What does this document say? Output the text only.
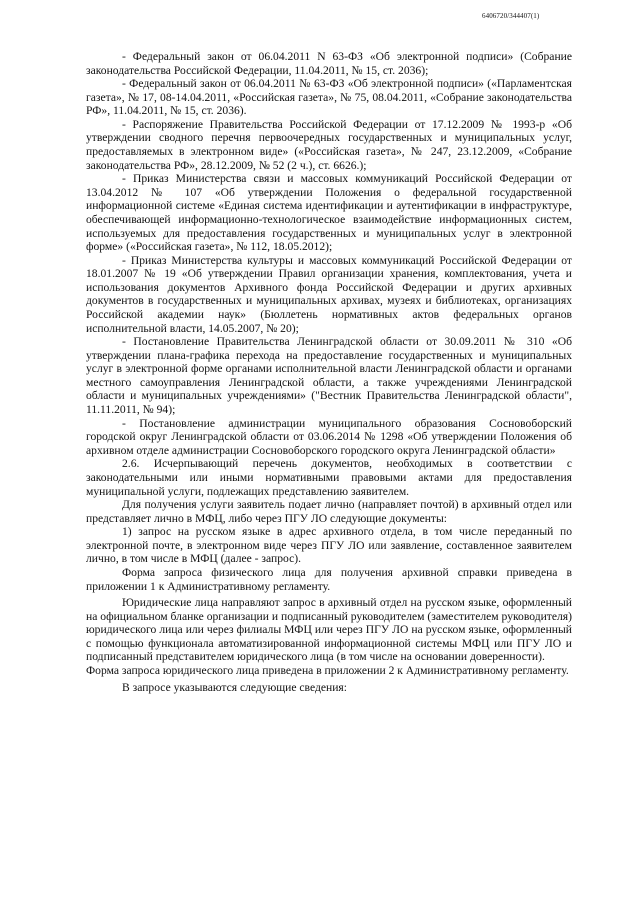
6406720/344407(1)

- Федеральный закон от 06.04.2011 N 63-ФЗ «Об электронной подписи» (Собрание законодательства Российской Федерации, 11.04.2011, № 15, ст. 2036);

- Федеральный закон от 06.04.2011 № 63-ФЗ «Об электронной подписи» («Парламентская газета», № 17, 08-14.04.2011, «Российская газета», № 75, 08.04.2011, «Собрание законодательства РФ», 11.04.2011, № 15, ст. 2036).

- Распоряжение Правительства Российской Федерации от 17.12.2009 № 1993-р «Об утверждении сводного перечня первоочередных государственных и муниципальных услуг, предоставляемых в электронном виде» («Российская газета», № 247, 23.12.2009, «Собрание законодательства РФ», 28.12.2009, № 52 (2 ч.), ст. 6626.);

- Приказ Министерства связи и массовых коммуникаций Российской Федерации от 13.04.2012 № 107 «Об утверждении Положения о федеральной государственной информационной системе «Единая система идентификации и аутентификации в инфраструктуре, обеспечивающей информационно-технологическое взаимодействие информационных систем, используемых для предоставления государственных и муниципальных услуг в электронной форме» («Российская газета», № 112, 18.05.2012);

- Приказ Министерства культуры и массовых коммуникаций Российской Федерации от 18.01.2007 № 19 «Об утверждении Правил организации хранения, комплектования, учета и использования документов Архивного фонда Российской Федерации и других архивных документов в государственных и муниципальных архивах, музеях и библиотеках, организациях Российской академии наук» (Бюллетень нормативных актов федеральных органов исполнительной власти, 14.05.2007, № 20);

- Постановление Правительства Ленинградской области от 30.09.2011 № 310 «Об утверждении плана-графика перехода на предоставление государственных и муниципальных услуг в электронной форме органами исполнительной власти Ленинградской области и органами местного самоуправления Ленинградской области, а также учреждениями Ленинградской области и муниципальных учреждениями» ("Вестник Правительства Ленинградской области", 11.11.2011, № 94);

- Постановление администрации муниципального образования Сосновоборский городской округ Ленинградской области от 03.06.2014 № 1298 «Об утверждении Положения об архивном отделе администрации Сосновоборского городского округа Ленинградской области»

2.6. Исчерпывающий перечень документов, необходимых в соответствии с законодательными или иными нормативными правовыми актами для предоставления муниципальной услуги, подлежащих представлению заявителем.

Для получения услуги заявитель подает лично (направляет почтой) в архивный отдел или представляет лично в МФЦ, либо через ПГУ ЛО следующие документы:

1) запрос на русском языке в адрес архивного отдела, в том числе переданный по электронной почте, в электронном виде через ПГУ ЛО или заявление, составленное заявителем лично, в том числе в МФЦ (далее - запрос).

Форма запроса физического лица для получения архивной справки приведена в приложении 1 к Административному регламенту.

Юридические лица направляют запрос в архивный отдел на русском языке, оформленный на официальном бланке организации и подписанный руководителем (заместителем руководителя) юридического лица или через филиалы МФЦ или через ПГУ ЛО на русском языке, оформленный с помощью функционала автоматизированной информационной системы МФЦ или ПГУ ЛО и подписанный представителем юридического лица (в том числе на основании доверенности).

Форма запроса юридического лица приведена в приложении 2 к Административному регламенту.

В запросе указываются следующие сведения:
